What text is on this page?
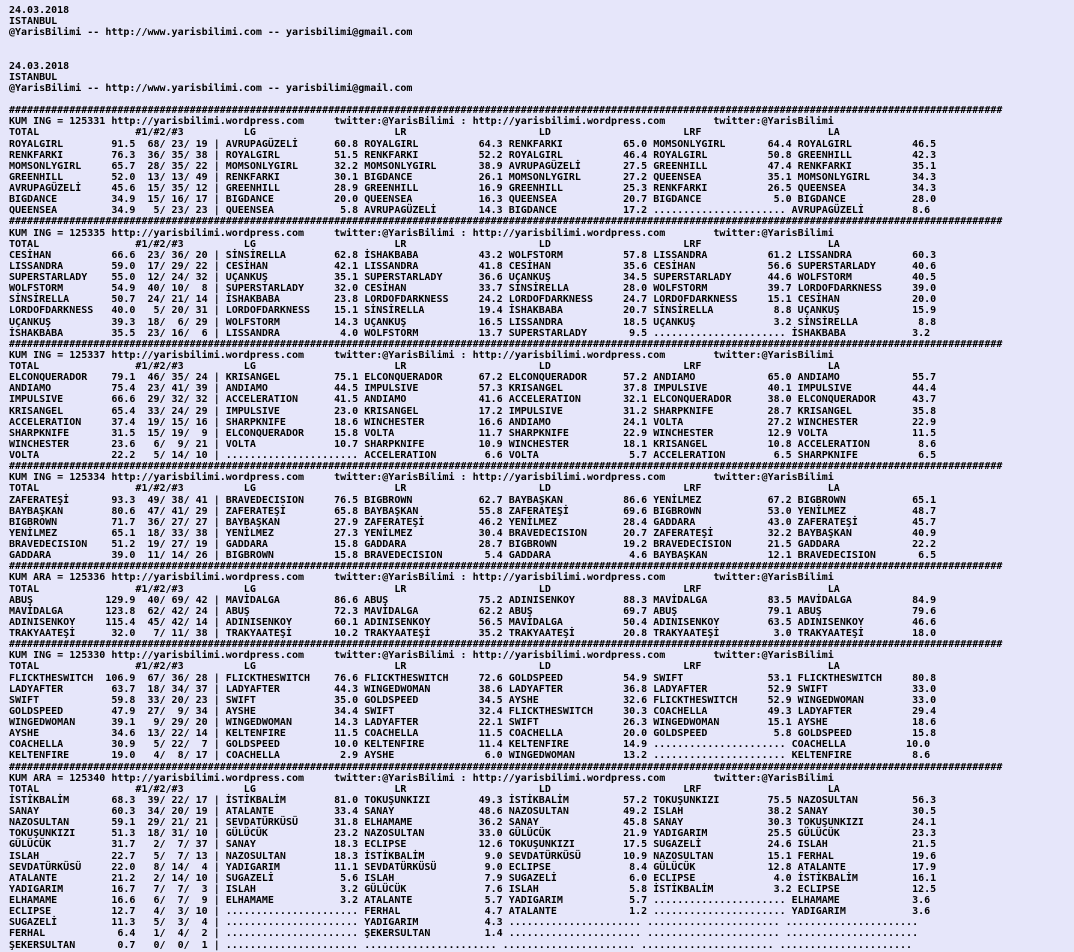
24.03.2018
ISTANBUL
@YarisBilimi -- http://www.yarisbilimi.com -- yarisbilimi@gmail.com
24.03.2018
ISTANBUL
@YarisBilimi -- http://www.yarisbilimi.com -- yarisbilimi@gmail.com
#####################################################################################################################################################################
KUM ING = 125331 http://yarisbilimi.wordpress.com     twitter:@YarisBilimi : http://yarisbilimi.wordpress.com        twitter:@YarisBilimi
TOTAL                #1/#2/#3          LG                       LR                      LD                      LRF                     LA
ROYALGIRL        91.5  68/ 23/ 19 | AVRUPAGÜZELİ      60.8 ROYALGIRL          64.3 RENKFARKI          65.0 MOMSONLYGIRL       64.4 ROYALGIRL          46.5
RENKFARKI        76.3  36/ 35/ 38 | ROYALGIRL         51.5 RENKFARKI          52.2 ROYALGIRL          46.4 ROYALGIRL          50.8 GREENHILL          42.3
MOMSONLYGIRL     65.7  28/ 35/ 22 | MOMSONLYGIRL      32.2 MOMSONLYGIRL       38.9 AVRUPAGÜZELİ       27.5 GREENHILL          47.4 RENKFARKI          35.1
GREENHILL        52.0  13/ 13/ 49 | RENKFARKI         30.1 BIGDANCE           26.1 MOMSONLYGIRL       27.2 QUEENSEA           35.1 MOMSONLYGIRL       34.3
AVRUPAGÜZELİ     45.6  15/ 35/ 12 | GREENHILL         28.9 GREENHILL          16.9 GREENHILL          25.3 RENKFARKI          26.5 QUEENSEA           34.3
BIGDANCE         34.9  15/ 16/ 17 | BIGDANCE          20.0 QUEENSEA           16.3 QUEENSEA           20.7 BIGDANCE            5.0 BIGDANCE           28.0
QUEENSEA         34.9   5/ 23/ 23 | QUEENSEA           5.8 AVRUPAGÜZELİ       14.3 BIGDANCE           17.2 ...................... AVRUPAGÜZELİ        8.6
#####################################################################################################################################################################
KUM ING = 125335 http://yarisbilimi.wordpress.com     twitter:@YarisBilimi : http://yarisbilimi.wordpress.com        twitter:@YarisBilimi
TOTAL                #1/#2/#3          LG                       LR                      LD                      LRF                     LA
CESİHAN          66.6  23/ 36/ 20 | SİNSİRELLA        62.8 İSHAKBABA          43.2 WOLFSTORM          57.8 LISSANDRA          61.2 LISSANDRA          60.3
LISSANDRA        59.0  17/ 29/ 22 | CESİHAN           42.1 LISSANDRA          41.8 CESİHAN            35.6 CESİHAN            56.6 SUPERSTARLADY      40.6
SUPERSTARLADY    55.0  12/ 24/ 32 | UÇANKUŞ           35.1 SUPERSTARLADY      36.6 UÇANKUŞ            34.5 SUPERSTARLADY      44.6 WOLFSTORM          40.5
WOLFSTORM        54.9  40/ 10/  8 | SUPERSTARLADY     32.0 CESİHAN            33.7 SİNSİRELLA         28.0 WOLFSTORM          39.7 LORDOFDARKNESS     39.0
SİNSİRELLA       50.7  24/ 21/ 14 | İSHAKBABA         23.8 LORDOFDARKNESS     24.2 LORDOFDARKNESS     24.7 LORDOFDARKNESS     15.1 CESİHAN            20.0
LORDOFDARKNESS   40.0   5/ 20/ 31 | LORDOFDARKNESS    15.1 SİNSİRELLA         19.4 İSHAKBABA          20.7 SİNSİRELLA          8.8 UÇANKUŞ            15.9
UÇANKUŞ          39.3  18/  6/ 29 | WOLFSTORM         14.3 UÇANKUŞ            16.5 LISSANDRA          18.5 UÇANKUŞ             3.2 SİNSİRELLA          8.8
İSHAKBABA        35.5  23/ 16/  6 | LISSANDRA          4.0 WOLFSTORM          13.7 SUPERSTARLADY       9.5 ...................... İSHAKBABA           3.2
#####################################################################################################################################################################
KUM ING = 125337 http://yarisbilimi.wordpress.com     twitter:@YarisBilimi : http://yarisbilimi.wordpress.com        twitter:@YarisBilimi
TOTAL                #1/#2/#3          LG                       LR                      LD                      LRF                     LA
ELCONQUERADOR    79.1  46/ 35/ 24 | KRISANGEL         75.1 ELCONQUERADOR      67.2 ELCONQUERADOR      57.2 ANDIAMO            65.0 ANDIAMO            55.7
ANDIAMO          75.4  23/ 41/ 39 | ANDIAMO           44.5 IMPULSIVE          57.3 KRISANGEL          37.8 IMPULSIVE          40.1 IMPULSIVE          44.4
IMPULSIVE        66.6  29/ 32/ 32 | ACCELERATION      41.5 ANDIAMO            41.6 ACCELERATION       32.1 ELCONQUERADOR      38.0 ELCONQUERADOR      43.7
KRISANGEL        65.4  33/ 24/ 29 | IMPULSIVE         23.0 KRISANGEL          17.2 IMPULSIVE          31.2 SHARPKNIFE         28.7 KRISANGEL          35.8
ACCELERATION     37.4  19/ 15/ 16 | SHARPKNIFE        18.6 WINCHESTER         16.6 ANDIAMO            24.1 VOLTA              27.2 WINCHESTER         22.9
SHARPKNIFE       31.5  15/ 19/  9 | ELCONQUERADOR     15.8 VOLTA              11.7 SHARPKNIFE         22.9 WINCHESTER         12.9 VOLTA              11.5
WINCHESTER       23.6   6/  9/ 21 | VOLTA             10.7 SHARPKNIFE         10.9 WINCHESTER         18.1 KRISANGEL          10.8 ACCELERATION        8.6
VOLTA            22.2   5/ 14/ 10 | ...................... ACCELERATION        6.6 VOLTA               5.7 ACCELERATION        6.5 SHARPKNIFE          6.5
#####################################################################################################################################################################
KUM ING = 125334 http://yarisbilimi.wordpress.com     twitter:@YarisBilimi : http://yarisbilimi.wordpress.com        twitter:@YarisBilimi
TOTAL                #1/#2/#3          LG                       LR                      LD                      LRF                     LA
ZAFERATEŞİ       93.3  49/ 38/ 41 | BRAVEDECISION     76.5 BIGBROWN           62.7 BAYBAŞKAN          86.6 YENİLMEZ           67.2 BIGBROWN           65.1
BAYBAŞKAN        80.6  47/ 41/ 29 | ZAFERATEŞİ        65.8 BAYBAŞKAN          55.8 ZAFERATEŞİ         69.6 BIGBROWN           53.0 YENİLMEZ           48.7
BIGBROWN         71.7  36/ 27/ 27 | BAYBAŞKAN         27.9 ZAFERATEŞİ         46.2 YENİLMEZ           28.4 GADDARA            43.0 ZAFERATEŞİ         45.7
YENİLMEZ         65.1  18/ 33/ 38 | YENİLMEZ          27.3 YENİLMEZ           30.4 BRAVEDECISION      20.7 ZAFERATEŞİ         32.2 BAYBAŞKAN          40.9
BRAVEDECISION    51.2  19/ 27/ 19 | GADDARA           15.8 GADDARA            28.7 BIGBROWN           19.2 BRAVEDECISION      21.5 GADDARA            22.2
GADDARA          39.0  11/ 14/ 26 | BIGBROWN          15.8 BRAVEDECISION       5.4 GADDARA             4.6 BAYBAŞKAN          12.1 BRAVEDECISION       6.5
#####################################################################################################################################################################
KUM ARA = 125336 http://yarisbilimi.wordpress.com     twitter:@YarisBilimi : http://yarisbilimi.wordpress.com        twitter:@YarisBilimi
TOTAL                #1/#2/#3          LG                       LR                      LD                      LRF                     LA
ABUŞ            129.9  40/ 69/ 42 | MAVİDALGA         86.6 ABUŞ               75.2 ADINISENKOY        88.3 MAVİDALGA          83.5 MAVİDALGA          84.9
MAVİDALGA       123.8  62/ 42/ 24 | ABUŞ              72.3 MAVİDALGA          62.2 ABUŞ               69.7 ABUŞ               79.1 ABUŞ               79.6
ADINISENKOY     115.4  45/ 42/ 14 | ADINISENKOY       60.1 ADINISENKOY        56.5 MAVİDALGA          50.4 ADINISENKOY        63.5 ADINISENKOY        46.6
TRAKYAATEŞİ      32.0   7/ 11/ 38 | TRAKYAATEŞİ       10.2 TRAKYAATEŞİ        35.2 TRAKYAATEŞİ        20.8 TRAKYAATEŞİ         3.0 TRAKYAATEŞİ        18.0
#####################################################################################################################################################################
KUM ING = 125330 http://yarisbilimi.wordpress.com     twitter:@YarisBilimi : http://yarisbilimi.wordpress.com        twitter:@YarisBilimi
TOTAL                #1/#2/#3          LG                       LR                      LD                      LRF                     LA
FLICKTHESWITCH  106.9  67/ 36/ 28 | FLICKTHESWITCH    76.6 FLICKTHESWITCH     72.6 GOLDSPEED          54.9 SWIFT              53.1 FLICKTHESWITCH     80.8
LADYAFTER        63.7  18/ 34/ 37 | LADYAFTER         44.3 WINGEDWOMAN        38.6 LADYAFTER          36.8 LADYAFTER          52.9 SWIFT              33.0
SWIFT            59.8  33/ 20/ 23 | SWIFT             35.0 GOLDSPEED          34.5 AYSHE              32.6 FLICKTHESWITCH     52.9 WINGEDWOMAN        33.0
GOLDSPEED        47.9  27/  9/ 34 | AYSHE             34.4 SWIFT              32.4 FLICKTHESWITCH     30.3 COACHELLA          49.3 LADYAFTER          29.4
WINGEDWOMAN      39.1   9/ 29/ 20 | WINGEDWOMAN       14.3 LADYAFTER          22.1 SWIFT              26.3 WINGEDWOMAN        15.1 AYSHE              18.6
AYSHE            34.6  13/ 22/ 14 | KELTENFIRE        11.5 COACHELLA          11.5 COACHELLA          20.0 GOLDSPEED           5.8 GOLDSPEED          15.8
COACHELLA        30.9   5/ 22/  7 | GOLDSPEED         10.0 KELTENFIRE         11.4 KELTENFIRE         14.9 ...................... COACHELLA          10.0
KELTENFIRE       19.0   4/  8/ 17 | COACHELLA          2.9 AYSHE               6.0 WINGEDWOMAN        13.2 ...................... KELTENFIRE          8.6
#####################################################################################################################################################################
KUM ARA = 125340 http://yarisbilimi.wordpress.com     twitter:@YarisBilimi : http://yarisbilimi.wordpress.com        twitter:@YarisBilimi
TOTAL                #1/#2/#3          LG                       LR                      LD                      LRF                     LA
İSTİKBALİM       68.3  39/ 22/ 17 | İSTİKBALİM        81.0 TOKUŞUNKIZI        49.3 İSTİKBALİM         57.2 TOKUŞUNKIZI        75.5 NAZOSULTAN         56.3
SANAY            60.3  34/ 20/ 19 | ATALANTE          33.4 SANAY              48.6 NAZOSULTAN         49.2 ISLAH              38.2 SANAY              30.5
NAZOSULTAN       59.1  29/ 21/ 21 | SEVDATÜRKÜSÜ      31.8 ELHAMAME           36.2 SANAY              45.8 SANAY              30.3 TOKUŞUNKIZI        24.1
TOKUŞUNKIZI      51.3  18/ 31/ 10 | GÜLÜCÜK           23.2 NAZOSULTAN         33.0 GÜLÜCÜK            21.9 YADIGARIM          25.5 GÜLÜCÜK            23.3
GÜLÜCÜK          31.7   2/  7/ 37 | SANAY             18.3 ECLIPSE            12.6 TOKUŞUNKIZI        17.5 SUGAZELİ           24.6 ISLAH              21.5
ISLAH            22.7   5/  7/ 13 | NAZOSULTAN        18.3 İSTİKBALİM          9.0 SEVDATÜRKÜSÜ       10.9 NAZOSULTAN         15.1 FERHAL             19.6
SEVDATÜRKÜSÜ     22.0   8/ 14/  4 | YADIGARIM         11.1 SEVDATÜRKÜSÜ        9.0 ECLIPSE             8.4 GÜLÜCÜK            12.8 ATALANTE           17.9
ATALANTE         21.2   2/ 14/ 10 | SUGAZELİ           5.6 ISLAH               7.9 SUGAZELİ            6.0 ECLIPSE             4.0 İSTİKBALİM         16.1
YADIGARIM        16.7   7/  7/  3 | ISLAH              3.2 GÜLÜCÜK             7.6 ISLAH               5.8 İSTİKBALİM          3.2 ECLIPSE            12.5
ELHAMAME         16.6   6/  7/  9 | ELHAMAME           3.2 ATALANTE            5.7 YADIGARIM           5.7 ...................... ELHAMAME            3.6
ECLIPSE          12.7   4/  3/ 10 | ...................... FERHAL              4.7 ATALANTE            1.2 ...................... YADIGARIM           3.6
SUGAZELİ         11.3   5/  3/  4 | ...................... YADIGARIM           4.3 ...................... ...................... ......................
FERHAL            6.4   1/  4/  2 | ...................... ŞEKERSULTAN         1.4 ...................... ...................... ......................
ŞEKERSULTAN       0.7   0/  0/  1 | ...................... ...................... ...................... ...................... ......................
